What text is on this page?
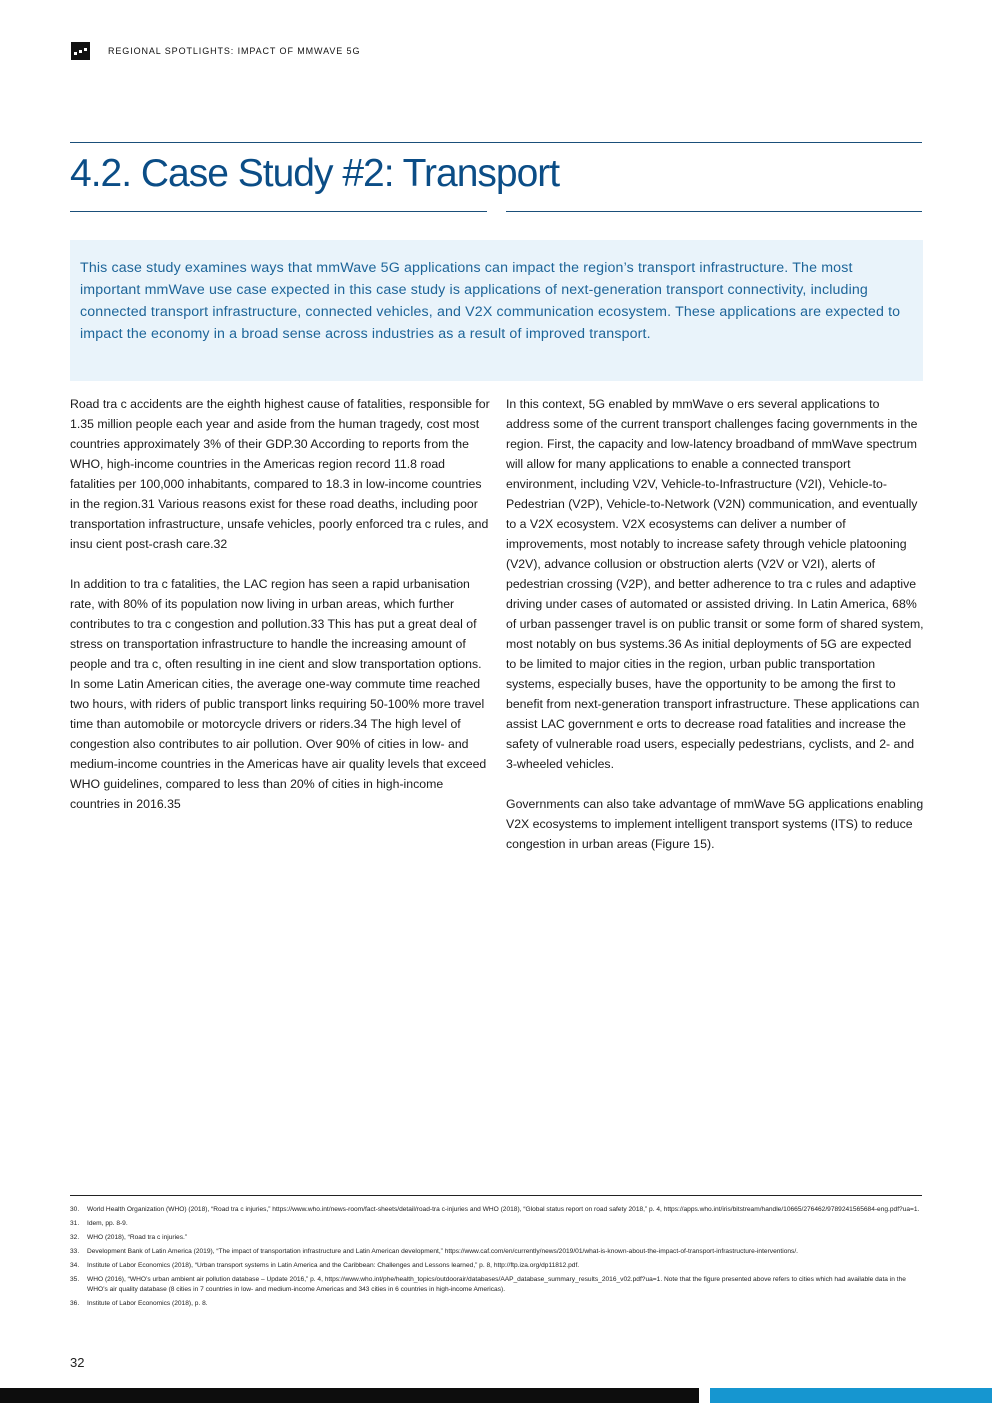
REGIONAL SPOTLIGHTS: IMPACT OF MMWAVE 5G
4.2. Case Study #2: Transport

This case study examines ways that mmWave 5G applications can impact the region’s transport infrastructure. The most important mmWave use case expected in this case study is applications of next-generation transport connectivity, including connected transport infrastructure, connected vehicles, and V2X communication ecosystem. These applications are expected to impact the economy in a broad sense across industries as a result of improved transport.

Road tra c accidents are the eighth highest cause of fatalities, responsible for 1.35 million people each year and aside from the human tragedy, cost most countries approximately 3% of their GDP.30 According to reports from the WHO, high-income countries in the Americas region record 11.8 road fatalities per 100,000 inhabitants, compared to 18.3 in low-income countries in the region.31 Various reasons exist for these road deaths, including poor transportation infrastructure, unsafe vehicles, poorly enforced tra c rules, and insu cient post-crash care.32

In addition to tra c fatalities, the LAC region has seen a rapid urbanisation rate, with 80% of its population now living in urban areas, which further contributes to tra c congestion and pollution.33 This has put a great deal of stress on transportation infrastructure to handle the increasing amount of people and tra c, often resulting in ine cient and slow transportation options. In some Latin American cities, the average one-way commute time reached two hours, with riders of public transport links requiring 50-100% more travel time than automobile or motorcycle drivers or riders.34 The high level of congestion also contributes to air pollution. Over 90% of cities in low- and medium-income countries in the Americas have air quality levels that exceed WHO guidelines, compared to less than 20% of cities in high-income countries in 2016.35

In this context, 5G enabled by mmWave o ers several applications to address some of the current transport challenges facing governments in the region. First, the capacity and low-latency broadband of mmWave spectrum will allow for many applications to enable a connected transport environment, including V2V, Vehicle-to-Infrastructure (V2I), Vehicle-to-Pedestrian (V2P), Vehicle-to-Network (V2N) communication, and eventually to a V2X ecosystem. V2X ecosystems can deliver a number of improvements, most notably to increase safety through vehicle platooning (V2V), advance collusion or obstruction alerts (V2V or V2I), alerts of pedestrian crossing (V2P), and better adherence to tra c rules and adaptive driving under cases of automated or assisted driving. In Latin America, 68% of urban passenger travel is on public transit or some form of shared system, most notably on bus systems.36 As initial deployments of 5G are expected to be limited to major cities in the region, urban public transportation systems, especially buses, have the opportunity to be among the first to benefit from next-generation transport infrastructure. These applications can assist LAC government e orts to decrease road fatalities and increase the safety of vulnerable road users, especially pedestrians, cyclists, and 2- and 3-wheeled vehicles.

Governments can also take advantage of mmWave 5G applications enabling V2X ecosystems to implement intelligent transport systems (ITS) to reduce congestion in urban areas (Figure 15).

30.	World Health Organization (WHO) (2018), “Road tra c injuries,” https://www.who.int/news-room/fact-sheets/detail/road-tra c-injuries and WHO (2018), “Global status report on road safety 2018,” p. 4, https://apps.who.int/iris/bitstream/handle/10665/276462/9789241565684-eng.pdf?ua=1.
31.	Idem, pp. 8-9.
32.	WHO (2018), “Road tra c injuries.”
33.	Development Bank of Latin America (2019), “The impact of transportation infrastructure and Latin American development,” https://www.caf.com/en/currently/news/2019/01/what-is-known-about-the-impact-of-transport-infrastructure-interventions/.
34.	Institute of Labor Economics (2018), “Urban transport systems in Latin America and the Caribbean: Challenges and Lessons learned,” p. 8, http://ftp.iza.org/dp11812.pdf.
35.	WHO (2016), “WHO’s urban ambient air pollution database – Update 2016,” p. 4, https://www.who.int/phe/health_topics/outdoorair/databases/AAP_database_summary_results_2016_v02.pdf?ua=1. Note that the figure presented above refers to cities which had available data in the WHO’s air quality database (8 cities in 7 countries in low- and medium-income Americas and 343 cities in 6 countries in high-income Americas).
36.	Institute of Labor Economics (2018), p. 8.
32
